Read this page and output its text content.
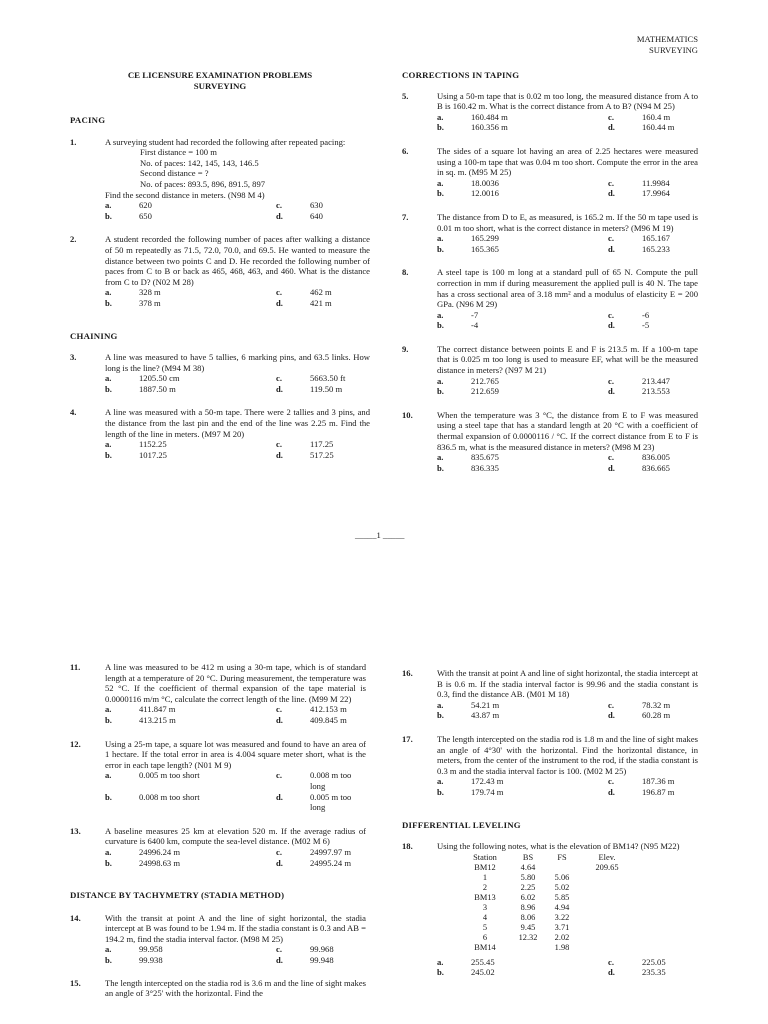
MATHEMATICS
SURVEYING
CE LICENSURE EXAMINATION PROBLEMS
SURVEYING
PACING
1.	A surveying student had recorded the following after repeated pacing:
First distance = 100 m
No. of paces: 142, 145, 143, 146.5
Second distance = ?
No. of paces: 893.5, 896, 891.5, 897
Find the second distance in meters. (N98 M 4)
a.	620	c.	630
b.	650	d.	640
2.	A student recorded the following number of paces after walking a distance of 50 m repeatedly as 71.5, 72.0, 70.0, and 69.5. He wanted to measure the distance between two points C and D. He recorded the following number of paces from C to B or back as 465, 468, 463, and 460. What is the distance from C to D? (N02 M 28)
a.	328 m	c.	462 m
b.	378 m	d.	421 m
CHAINING
3.	A line was measured to have 5 tallies, 6 marking pins, and 63.5 links. How long is the line? (M94 M 38)
a.	1205.50 cm	c.	5663.50 ft
b.	1887.50 m	d.	119.50 m
4.	A line was measured with a 50-m tape. There were 2 tallies and 3 pins, and the distance from the last pin and the end of the line was 2.25 m. Find the length of the line in meters. (M97 M 20)
a.	1152.25	c.	117.25
b.	1017.25	d.	517.25
CORRECTIONS IN TAPING
5.	Using a 50-m tape that is 0.02 m too long, the measured distance from A to B is 160.42 m. What is the correct distance from A to B? (N94 M 25)
a.	160.484 m	c.	160.4 m
b.	160.356 m	d.	160.44 m
6.	The sides of a square lot having an area of 2.25 hectares were measured using a 100-m tape that was 0.04 m too short. Compute the error in the area in sq. m. (M95 M 25)
a.	18.0036	c.	11.9984
b.	12.0016	d.	17.9964
7.	The distance from D to E, as measured, is 165.2 m. If the 50 m tape used is 0.01 m too short, what is the correct distance in meters? (M96 M 19)
a.	165.299	c.	165.167
b.	165.365	d.	165.233
8.	A steel tape is 100 m long at a standard pull of 65 N. Compute the pull correction in mm if during measurement the applied pull is 40 N. The tape has a cross sectional area of 3.18 mm² and a modulus of elasticity E = 200 GPa. (N96 M 29)
a.	-7	c.	-6
b.	-4	d.	-5
9.	The correct distance between points E and F is 213.5 m. If a 100-m tape that is 0.025 m too long is used to measure EF, what will be the measured distance in meters? (N97 M 21)
a.	212.765	c.	213.447
b.	212.659	d.	213.553
10.	When the temperature was 3 °C, the distance from E to F was measured using a steel tape that has a standard length at 20 °C with a coefficient of thermal expansion of 0.0000116 / °C. If the correct distance from E to F is 836.5 m, what is the measured distance in meters? (M98 M 23)
a.	835.675	c.	836.005
b.	836.335	d.	836.665
_____1 _____
11.	A line was measured to be 412 m using a 30-m tape, which is of standard length at a temperature of 20 °C. During measurement, the temperature was 52 °C. If the coefficient of thermal expansion of the tape material is 0.0000116 m/m °C, calculate the correct length of the line. (M99 M 22)
a.	411.847 m	c.	412.153 m
b.	413.215 m	d.	409.845 m
12.	Using a 25-m tape, a square lot was measured and found to have an area of 1 hectare. If the total error in area is 4.004 square meter short, what is the error in each tape length? (N01 M 9)
a.	0.005 m too short	c.	0.008 m too long
b.	0.008 m too short	d.	0.005 m too long
13.	A baseline measures 25 km at elevation 520 m. If the average radius of curvature is 6400 km, compute the sea-level distance. (M02 M 6)
a.	24996.24 m	c.	24997.97 m
b.	24998.63 m	d.	24995.24 m
DISTANCE BY TACHYMETRY (STADIA METHOD)
14.	With the transit at point A and the line of sight horizontal, the stadia intercept at B was found to be 1.94 m. If the stadia constant is 0.3 and AB = 194.2 m, find the stadia interval factor. (M98 M 25)
a.	99.958	c.	99.968
b.	99.938	d.	99.948
15.	The length intercepted on the stadia rod is 3.6 m and the line of sight makes an angle of 3°25' with the horizontal. Find the
16.	With the transit at point A and line of sight horizontal, the stadia intercept at B is 0.6 m. If the stadia interval factor is 99.96 and the stadia constant is 0.3, find the distance AB. (M01 M 18)
a.	54.21 m	c.	78.32 m
b.	43.87 m	d.	60.28 m
17.	The length intercepted on the stadia rod is 1.8 m and the line of sight makes an angle of 4°30' with the horizontal. Find the horizontal distance, in meters, from the center of the instrument to the rod, if the stadia constant is 0.3 m and the stadia interval factor is 100. (M02 M 25)
a.	172.43 m	c.	187.36 m
b.	179.74 m	d.	196.87 m
DIFFERENTIAL LEVELING
18.	Using the following notes, what is the elevation of BM14? (N95 M22)
Station	BS	FS	Elev.
BM12	4.64		209.65
1	5.80	5.06	
2	2.25	5.02	
BM13	6.02	5.85	
3	8.96	4.94	
4	8.06	3.22	
5	9.45	3.71	
6	12.32	2.02	
BM14		1.98	
a.	255.45	c.	225.05
b.	245.02	d.	235.35
